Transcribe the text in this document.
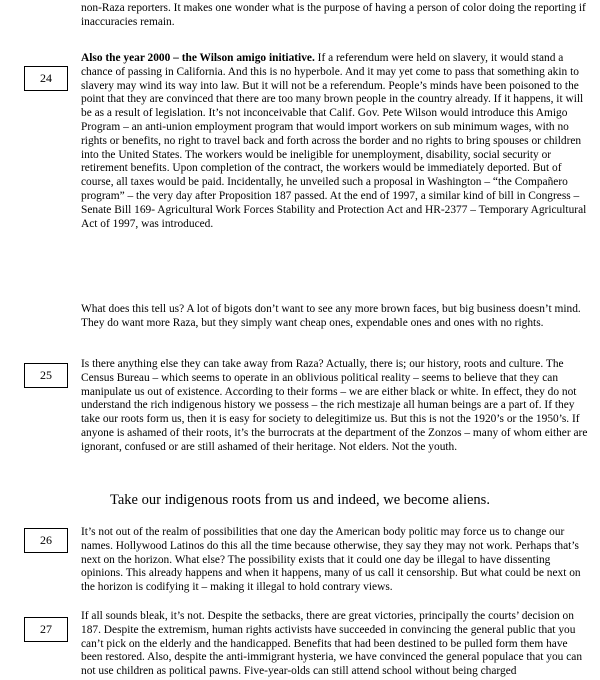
non-Raza reporters. It makes one wonder what is the purpose of having a person of color doing the reporting if inaccuracies remain.

24

Also the year 2000 – the Wilson amigo initiative. If a referendum were held on slavery, it would stand a chance of passing in California. And this is no hyperbole. And it may yet come to pass that something akin to slavery may wind its way into law. But it will not be a referendum. People’s minds have been poisoned to the point that they are convinced that there are too many brown people in the country already. If it happens, it will be as a result of legislation. It’s not inconceivable that Calif. Gov. Pete Wilson would introduce this Amigo Program – an anti-union employment program that would import workers on sub minimum wages, with no rights or benefits, no right to travel back and forth across the border and no rights to bring spouses or children into the United States. The workers would be ineligible for unemployment, disability, social security or retirement benefits. Upon completion of the contract, the workers would be immediately deported. But of course, all taxes would be paid. Incidentally, he unveiled such a proposal in Washington – “the Compañero program” – the very day after Proposition 187 passed. At the end of 1997, a similar kind of bill in Congress – Senate Bill 169- Agricultural Work Forces Stability and Protection Act and HR-2377 – Temporary Agricultural Act of 1997, was introduced.

What does this tell us? A lot of bigots don’t want to see any more brown faces, but big business doesn’t mind. They do want more Raza, but they simply want cheap ones, expendable ones and ones with no rights.

25

Is there anything else they can take away from Raza? Actually, there is; our history, roots and culture. The Census Bureau – which seems to operate in an oblivious political reality – seems to believe that they can manipulate us out of existence. According to their forms – we are either black or white. In effect, they do not understand the rich indigenous history we possess – the rich mestizaje all human beings are a part of. If they take our roots form us, then it is easy for society to delegitimize us. But this is not the 1920’s or the 1950’s. If anyone is ashamed of their roots, it’s the burrocrats at the department of the Zonzos – many of whom either are ignorant, confused or are still ashamed of their heritage. Not elders. Not the youth.

Take our indigenous roots from us and indeed, we become aliens.

26

It’s not out of the realm of possibilities that one day the American body politic may force us to change our names. Hollywood Latinos do this all the time because otherwise, they say they may not work. Perhaps that’s next on the horizon. What else? The possibility exists that it could one day be illegal to have dissenting opinions. This already happens and when it happens, many of us call it censorship. But what could be next on the horizon is codifying it – making it illegal to hold contrary views.

27

If all sounds bleak, it’s not. Despite the setbacks, there are great victories, principally the courts’ decision on 187. Despite the extremism, human rights activists have succeeded in convincing the general public that you can’t pick on the elderly and the handicapped. Benefits that had been destined to be pulled form them have been restored. Also, despite the anti-immigrant hysteria, we have convinced the general populace that you can not use children as political pawns. Five-year-olds can still attend school without being charged
